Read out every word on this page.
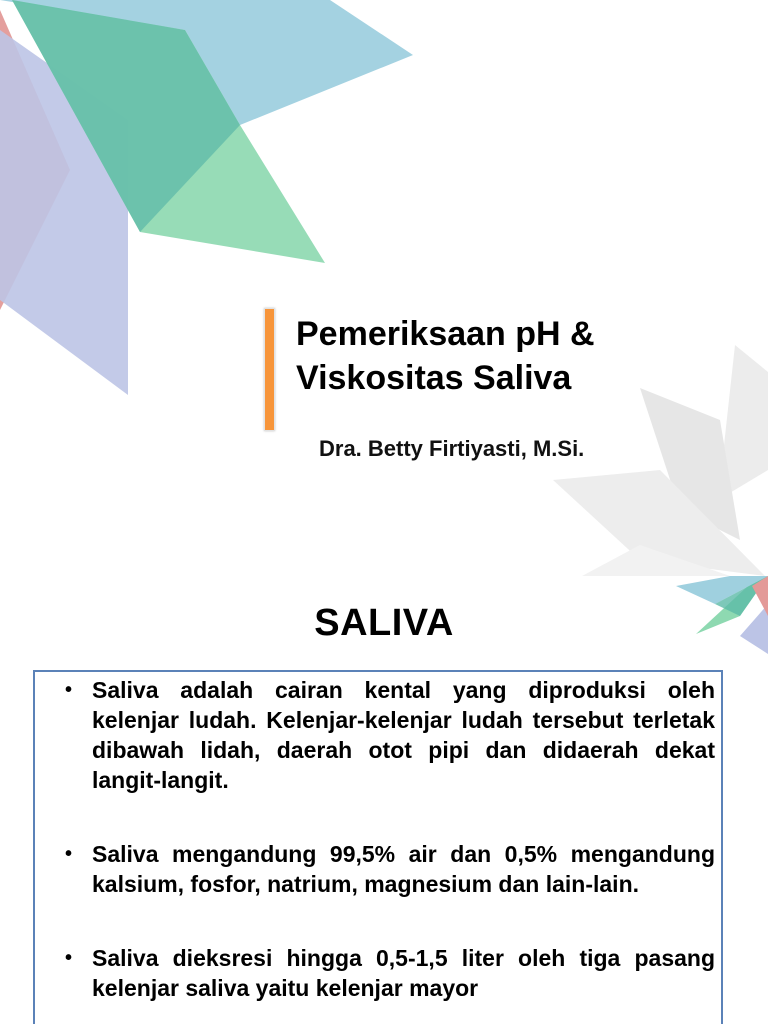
Pemeriksaan pH &
Viskositas Saliva
Dra. Betty Firtiyasti, M.Si.
SALIVA
• Saliva adalah cairan kental yang diproduksi oleh kelenjar ludah. Kelenjar-kelenjar ludah tersebut terletak dibawah lidah, daerah otot pipi dan didaerah dekat langit-langit.
• Saliva mengandung 99,5% air dan 0,5% mengandung kalsium, fosfor, natrium, magnesium dan lain-lain.
• Saliva dieksresi hingga 0,5-1,5 liter oleh tiga pasang kelenjar saliva yaitu kelenjar mayor
